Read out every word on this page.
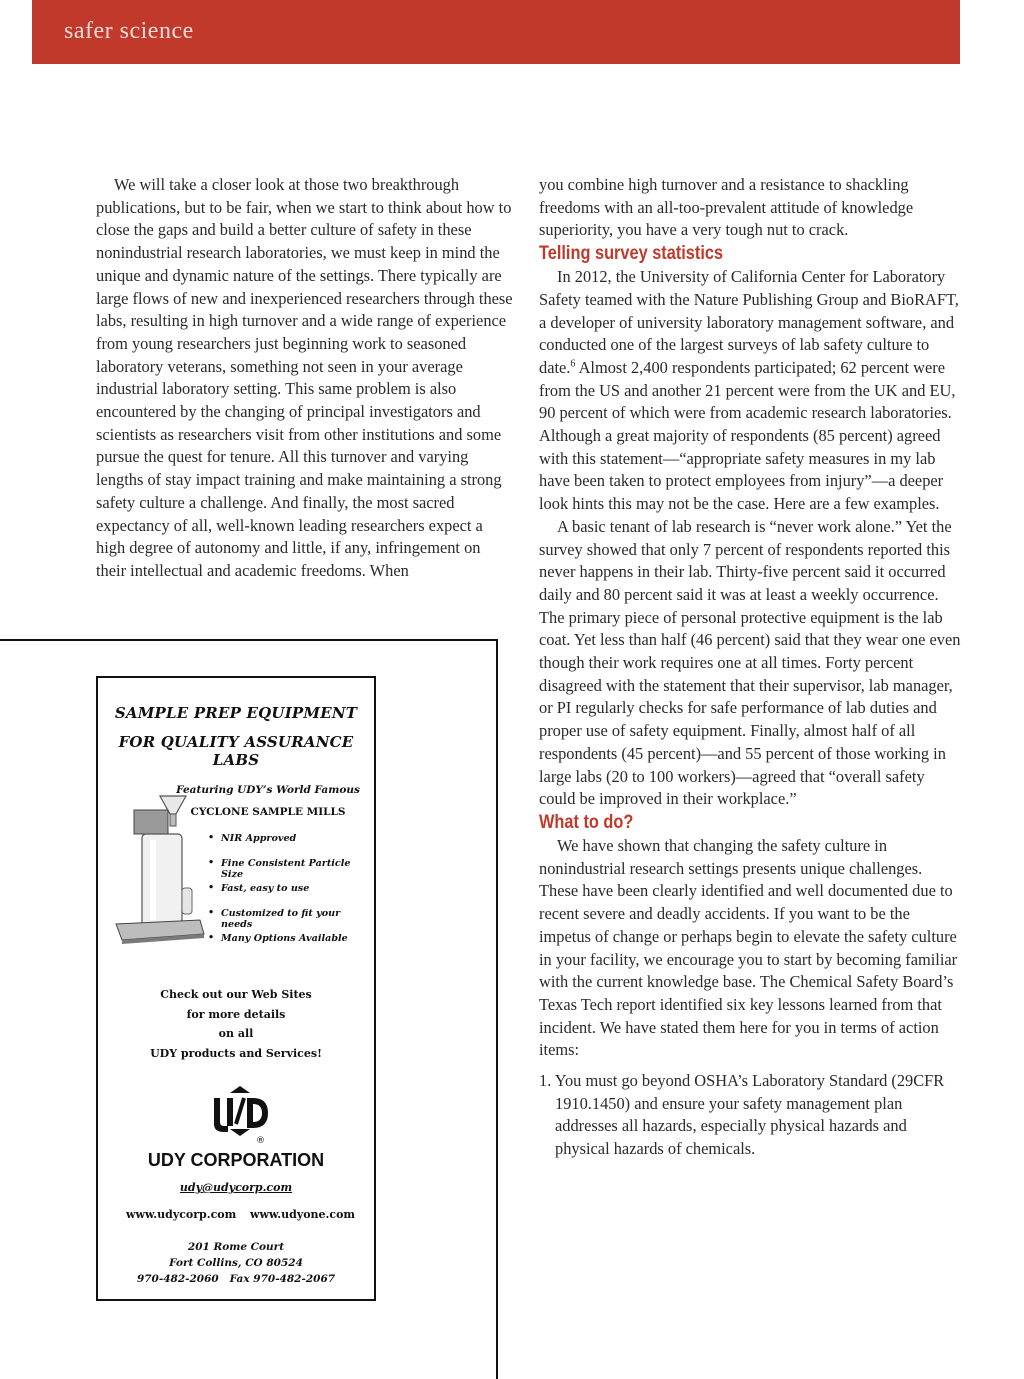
safer science

We will take a closer look at those two breakthrough publications, but to be fair, when we start to think about how to close the gaps and build a better culture of safety in these nonindustrial research laboratories, we must keep in mind the unique and dynamic nature of the settings. There typically are large flows of new and inexperienced researchers through these labs, resulting in high turnover and a wide range of experience from young researchers just beginning work to seasoned laboratory veterans, something not seen in your average industrial laboratory setting. This same problem is also encountered by the changing of principal investigators and scientists as researchers visit from other institutions and some pursue the quest for tenure. All this turnover and varying lengths of stay impact training and make maintaining a strong safety culture a challenge. And finally, the most sacred expectancy of all, well-known leading researchers expect a high degree of autonomy and little, if any, infringement on their intellectual and academic freedoms. When

you combine high turnover and a resistance to shackling freedoms with an all-too-prevalent attitude of knowledge superiority, you have a very tough nut to crack.

Telling survey statistics

In 2012, the University of California Center for Laboratory Safety teamed with the Nature Publishing Group and BioRAFT, a developer of university laboratory management software, and conducted one of the largest surveys of lab safety culture to date.$^6$ Almost 2,400 respondents participated; 62 percent were from the US and another 21 percent were from the UK and EU, 90 percent of which were from academic research laboratories. Although a great majority of respondents (85 percent) agreed with this statement—“appropriate safety measures in my lab have been taken to protect employees from injury”—a deeper look hints this may not be the case. Here are a few examples.

A basic tenant of lab research is “never work alone.” Yet the survey showed that only 7 percent of respondents reported this never happens in their lab. Thirty-five percent said it occurred daily and 80 percent said it was at least a weekly occurrence. The primary piece of personal protective equipment is the lab coat. Yet less than half (46 percent) said that they wear one even though their work requires one at all times. Forty percent disagreed with the statement that their supervisor, lab manager, or PI regularly checks for safe performance of lab duties and proper use of safety equipment. Finally, almost half of all respondents (45 percent)—and 55 percent of those working in large labs (20 to 100 workers)—agreed that “overall safety could be improved in their workplace.”

What to do?

We have shown that changing the safety culture in nonindustrial research settings presents unique challenges. These have been clearly identified and well documented due to recent severe and deadly accidents. If you want to be the impetus of change or perhaps begin to elevate the safety culture in your facility, we encourage you to start by becoming familiar with the current knowledge base. The Chemical Safety Board’s Texas Tech report identified six key lessons learned from that incident. We have stated them here for you in terms of action items:

1. You must go beyond OSHA’s Laboratory Standard (29CFR 1910.1450) and ensure your safety management plan addresses all hazards, especially physical hazards and physical hazards of chemicals.

SAMPLE PREP EQUIPMENT
FOR QUALITY ASSURANCE LABS
Featuring UDY’s World Famous
CYCLONE SAMPLE MILLS
• NIR Approved
• Fine Consistent Particle Size
• Fast, easy to use
• Customized to fit your needs
• Many Options Available
Check out our Web Sites
for more details
on all
UDY products and Services!
®
UDY CORPORATION
udy@udycorp.com
www.udycorp.com www.udyone.com
201 Rome Court
Fort Collins, CO 80524
970-482-2060   Fax 970-482-2067
